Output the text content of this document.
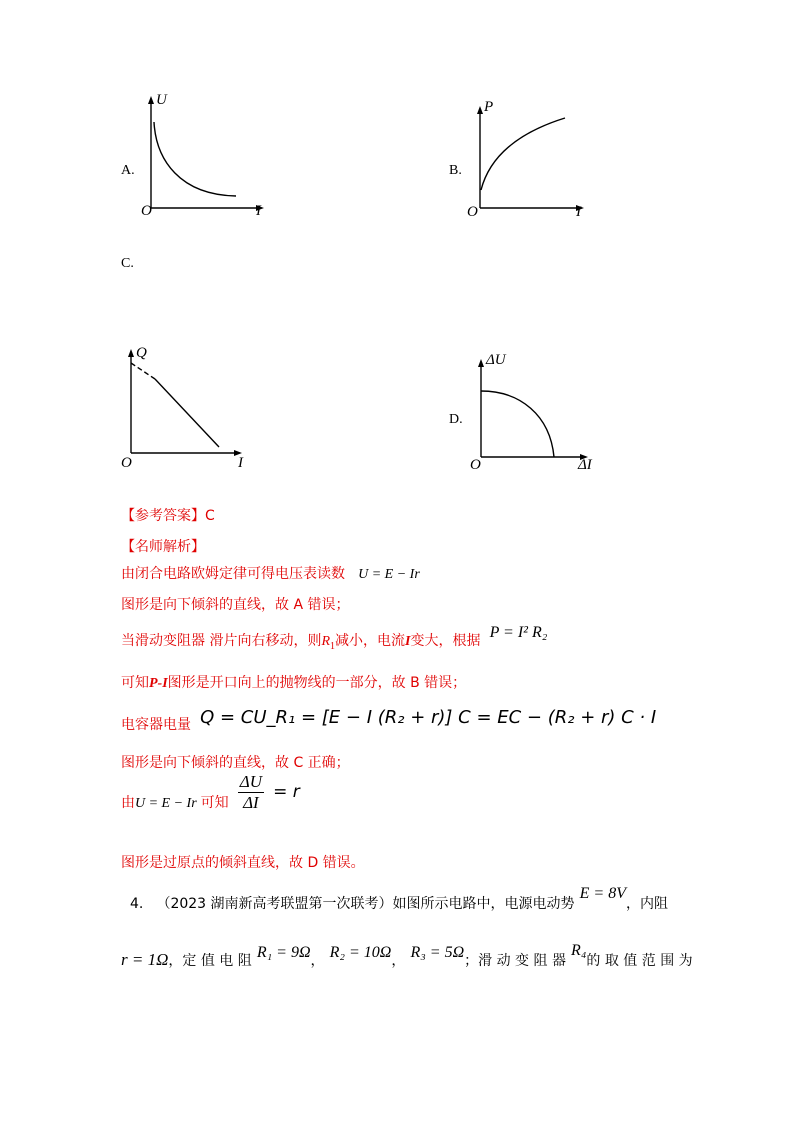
A.
U
I
O
B.
P
I
O
C.
Q
I
O
D.
ΔU
ΔI
O
【参考答案】C
【名师解析】
由闭合电路欧姆定律可得电压表读数 U = E − Ir
图形是向下倾斜的直线，故 A 错误；
当滑动变阻器 滑片向右移动，则$R_1$减小，电流I变大，根据 P = I² R₂
可知P-I图形是开口向上的抛物线的一部分，故 B 错误；
电容器电量 Q = CU_R₁ = [E − I (R₂ + r)] C = EC − (R₂ + r) C · I
图形是向下倾斜的直线，故 C 正确；
由U = E − Ir 可知 $\frac{\Delta U}{\Delta I} = r$
图形是过原点的倾斜直线，故 D 错误。
4. （2023 湖南新高考联盟第一次联考）如图所示电路中，电源电动势 E = 8V，内阻
r = 1Ω，定 值 电 阻 R₁ = 9Ω， R₂ = 10Ω， R₃ = 5Ω；滑 动 变 阻 器 R₄的 取 值 范 围 为
